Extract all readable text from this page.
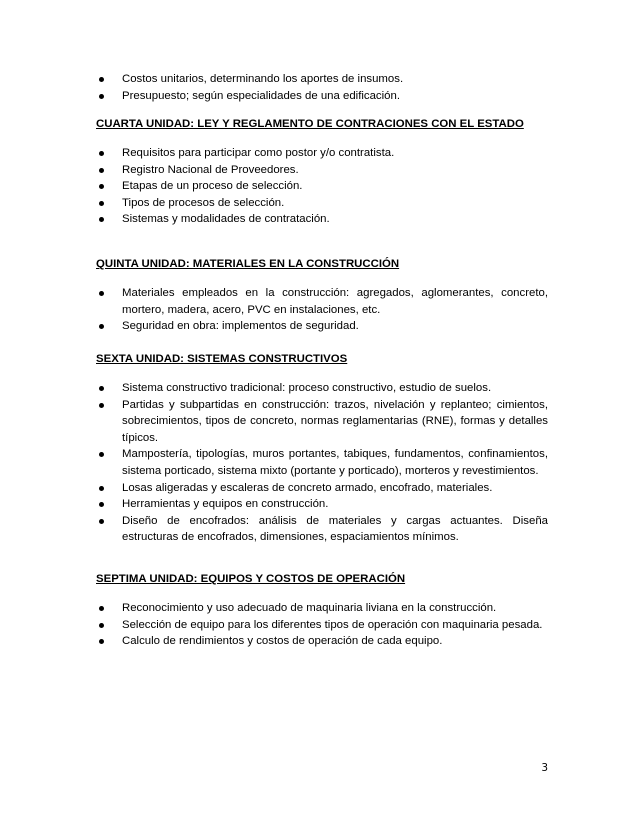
Costos unitarios, determinando los aportes de insumos.
Presupuesto; según especialidades de una edificación.
CUARTA UNIDAD: LEY Y REGLAMENTO DE CONTRACIONES CON EL ESTADO
Requisitos para participar como postor y/o contratista.
Registro Nacional de Proveedores.
Etapas de un proceso de selección.
Tipos de procesos de selección.
Sistemas y modalidades de contratación.
QUINTA UNIDAD: MATERIALES EN LA CONSTRUCCIÓN
Materiales empleados en la construcción: agregados, aglomerantes, concreto, mortero, madera, acero, PVC en instalaciones, etc.
Seguridad en obra: implementos de seguridad.
SEXTA UNIDAD: SISTEMAS CONSTRUCTIVOS
Sistema constructivo tradicional: proceso constructivo, estudio de suelos.
Partidas y subpartidas en construcción: trazos, nivelación y replanteo; cimientos, sobrecimientos, tipos de concreto, normas reglamentarias (RNE), formas y detalles típicos.
Mampostería, tipologías, muros portantes, tabiques, fundamentos, confinamientos, sistema porticado, sistema mixto (portante y porticado), morteros y revestimientos.
Losas aligeradas y escaleras de concreto armado, encofrado, materiales.
Herramientas y equipos en construcción.
Diseño de encofrados: análisis de materiales y cargas actuantes. Diseña estructuras de encofrados, dimensiones, espaciamientos mínimos.
SEPTIMA UNIDAD: EQUIPOS Y COSTOS DE OPERACIÓN
Reconocimiento y uso adecuado de maquinaria liviana en la construcción.
Selección de equipo para los diferentes tipos de operación con maquinaria pesada.
Calculo de rendimientos y costos de operación de cada equipo.
3
